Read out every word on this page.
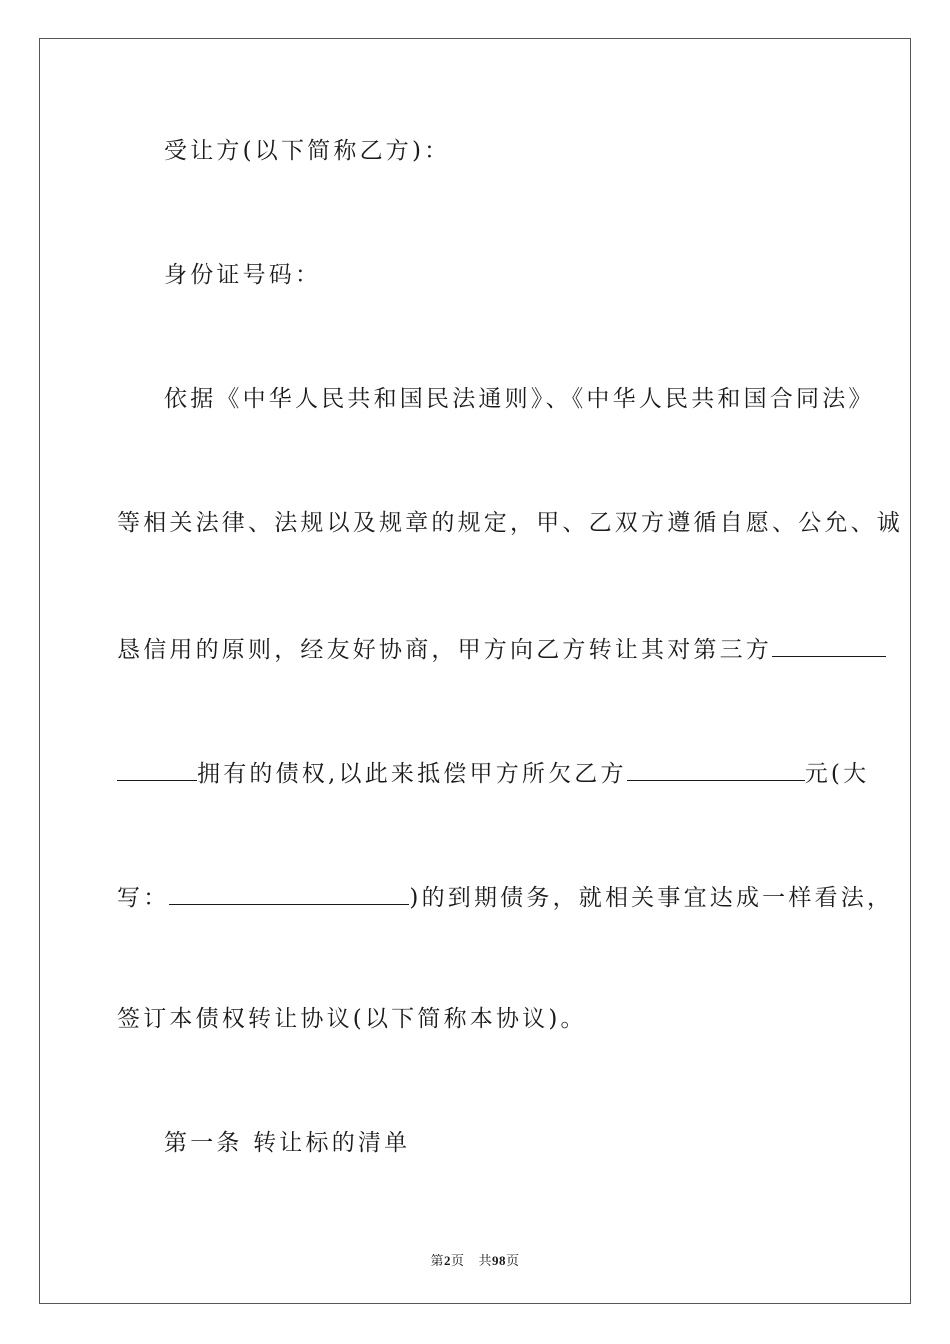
受让方(以下简称乙方)：
身份证号码：
依据《中华人民共和国民法通则》、《中华人民共和国合同法》
等相关法律、法规以及规章的规定，甲、乙双方遵循自愿、公允、诚
恳信用的原则，经友好协商，甲方向乙方转让其对第三方
拥有的债权,以此来抵偿甲方所欠乙方	元(大
写：	)的到期债务，就相关事宜达成一样看法，
签订本债权转让协议(以下简称本协议)。
第一条 转让标的清单
第2页 共98页
